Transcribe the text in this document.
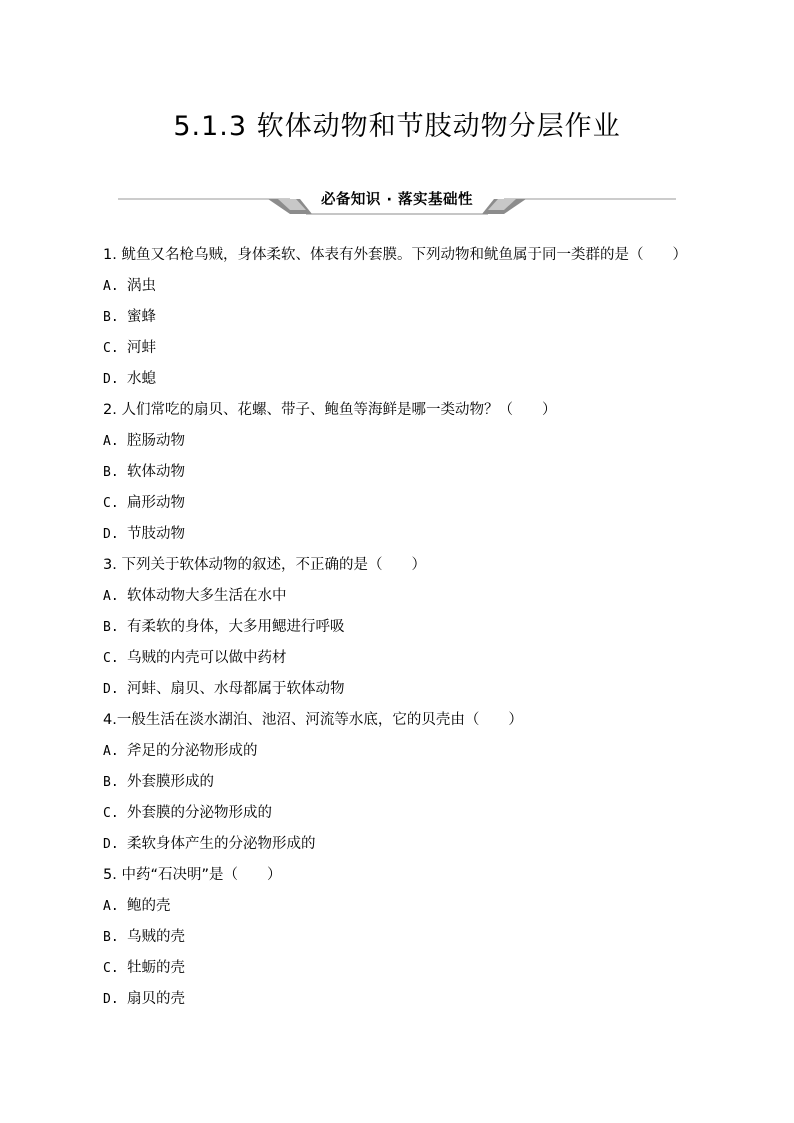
5.1.3 软体动物和节肢动物分层作业
必备知识 · 落实基础性
1. 鱿鱼又名枪乌贼，身体柔软、体表有外套膜。下列动物和鱿鱼属于同一类群的是（　　）
A. 涡虫
B. 蜜蜂
C. 河蚌
D. 水螅
2. 人们常吃的扇贝、花螺、带子、鲍鱼等海鲜是哪一类动物？（　　）
A. 腔肠动物
B. 软体动物
C. 扁形动物
D. 节肢动物
3. 下列关于软体动物的叙述，不正确的是（　　）
A. 软体动物大多生活在水中
B. 有柔软的身体，大多用鳃进行呼吸
C. 乌贼的内壳可以做中药材
D. 河蚌、扇贝、水母都属于软体动物
4.一般生活在淡水湖泊、池沼、河流等水底，它的贝壳由（　　）
A. 斧足的分泌物形成的
B. 外套膜形成的
C. 外套膜的分泌物形成的
D. 柔软身体产生的分泌物形成的
5. 中药“石决明”是（　　）
A. 鲍的壳
B. 乌贼的壳
C. 牡蛎的壳
D. 扇贝的壳
